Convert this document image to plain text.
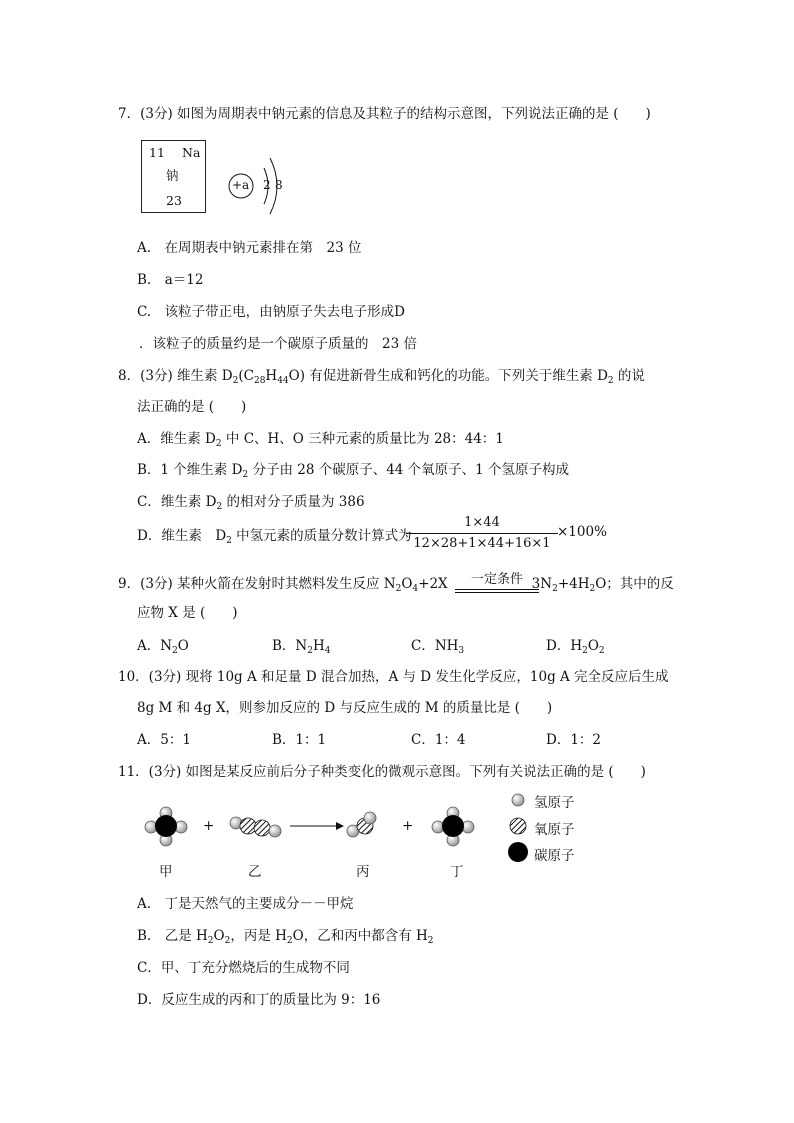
7．(3分) 如图为周期表中钠元素的信息及其粒子的结构示意图，下列说法正确的是 (　　)
11 Na
钠
23
+a 2 8
A.　在周期表中钠元素排在第　23 位
B.　a＝12
C.　该粒子带正电，由钠原子失去电子形成D
．该粒子的质量约是一个碳原子质量的　23 倍
8．(3分) 维生素 $D_2(C_{28}H_{44}O)$ 有促进新骨生成和钙化的功能。下列关于维生素 $D_2$ 的说
法正确的是 (　　)
A．维生素 $D_2$ 中 C、H、O 三种元素的质量比为 28：44：1
B．1 个维生素 $D_2$ 分子由 28 个碳原子、44 个氧原子、1 个氢原子构成
C．维生素 $D_2$ 的相对分子质量为 386
D．维生素　$D_2$ 中氢元素的质量分数计算式为
1×44
12×28+1×44+16×1
×100%
9．(3分) 某种火箭在发射时其燃料发生反应 $N_2O_4+2X$	$3N_2+4H_2O$；其中的反
一定条件
应物 X 是 (　　)
A．$N_2O$	B．$N_2H_4$	C．$NH_3$	D．$H_2O_2$
10．(3分) 现将 10g A 和足量 D 混合加热，A 与 D 发生化学反应，10g A 完全反应后生成
8g M 和 4g X，则参加反应的 D 与反应生成的 M 的质量比是 (　　)
A．5：1	B．1：1	C．1：4	D．1：2
11．(3分) 如图是某反应前后分子种类变化的微观示意图。下列有关说法正确的是 (　　)
+	+
甲	乙	丙	丁
氢原子
氧原子
碳原子
A.　丁是天然气的主要成分－－甲烷
B.　乙是 $H_2O_2$，丙是 $H_2O$，乙和丙中都含有 $H_2$
C．甲、丁充分燃烧后的生成物不同
D．反应生成的丙和丁的质量比为 9：16
